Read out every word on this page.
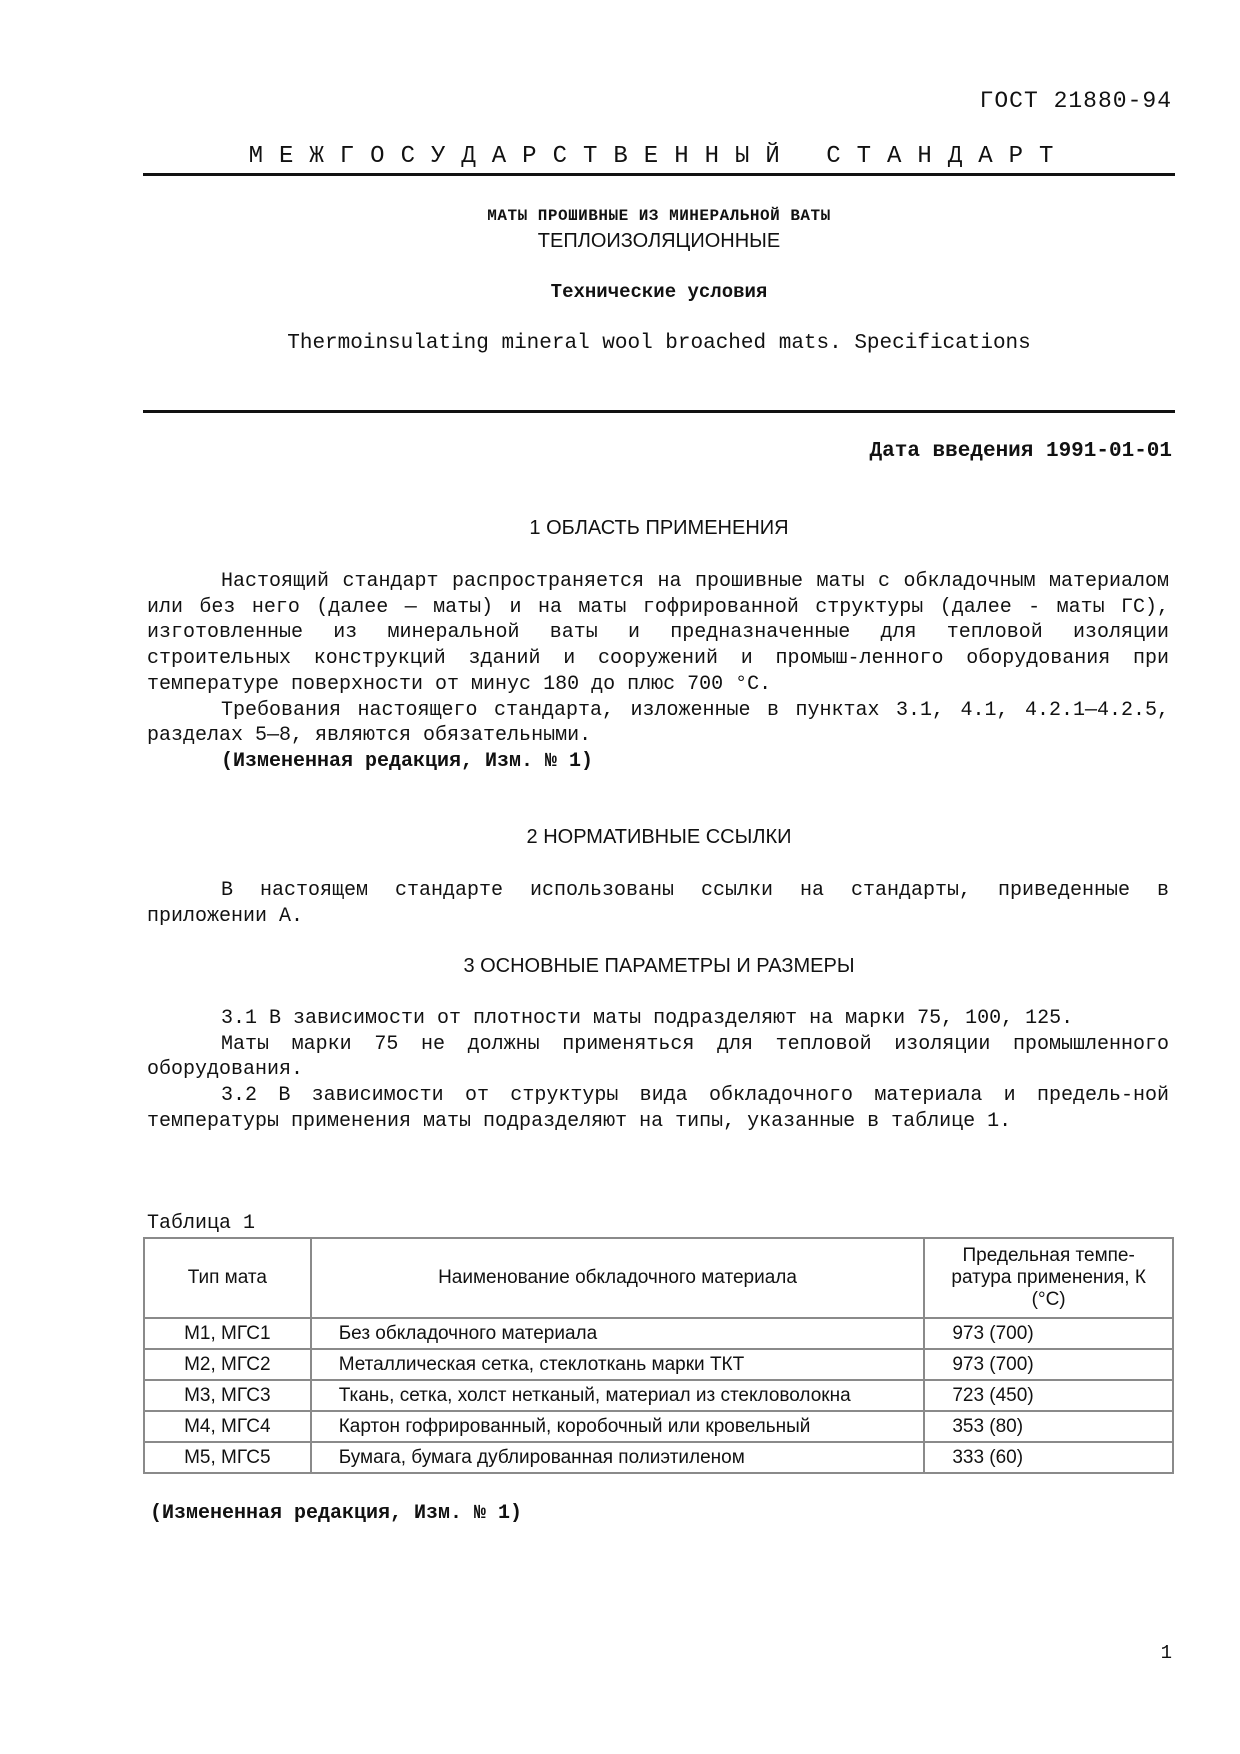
ГОСТ 21880-94
МЕЖГОСУДАРСТВЕННЫЙ СТАНДАРТ
МАТЫ ПРОШИВНЫЕ ИЗ МИНЕРАЛЬНОЙ ВАТЫ
ТЕПЛОИЗОЛЯЦИОННЫЕ
Технические условия
Thermoinsulating mineral wool broached mats. Specifications
Дата введения 1991-01-01
1 ОБЛАСТЬ ПРИМЕНЕНИЯ

Настоящий стандарт распространяется на прошивные маты с обкладочным материалом или без него (далее — маты) и на маты гофрированной структуры (далее - маты ГС), изготовленные из минеральной ваты и предназначенные для тепловой изоляции строительных конструкций зданий и сооружений и промыш-ленного оборудования при температуре поверхности от минус 180 до плюс 700 °С.

Требования настоящего стандарта, изложенные в пунктах 3.1, 4.1, 4.2.1—4.2.5, разделах 5—8, являются обязательными.

(Измененная редакция, Изм. № 1)

2 НОРМАТИВНЫЕ ССЫЛКИ

В настоящем стандарте использованы ссылки на стандарты, приведенные в приложении А.

3 ОСНОВНЫЕ ПАРАМЕТРЫ И РАЗМЕРЫ

3.1 В зависимости от плотности маты подразделяют на марки 75, 100, 125.

Маты марки 75 не должны применяться для тепловой изоляции промышленного оборудования.

3.2 В зависимости от структуры вида обкладочного материала и предель-ной температуры применения маты подразделяют на типы, указанные в таблице 1.

Таблица 1
Тип мата	Наименование обкладочного материала	Предельная темпе-ратура применения, К (°С)
М1, МГС1	Без обкладочного материала	973 (700)
М2, МГС2	Металлическая сетка, стеклоткань марки ТКТ	973 (700)
М3, МГС3	Ткань, сетка, холст нетканый, материал из стекловолокна	723 (450)
М4, МГС4	Картон гофрированный, коробочный или кровельный	353 (80)
М5, МГС5	Бумага, бумага дублированная полиэтиленом	333 (60)
(Измененная редакция, Изм. № 1)
1
